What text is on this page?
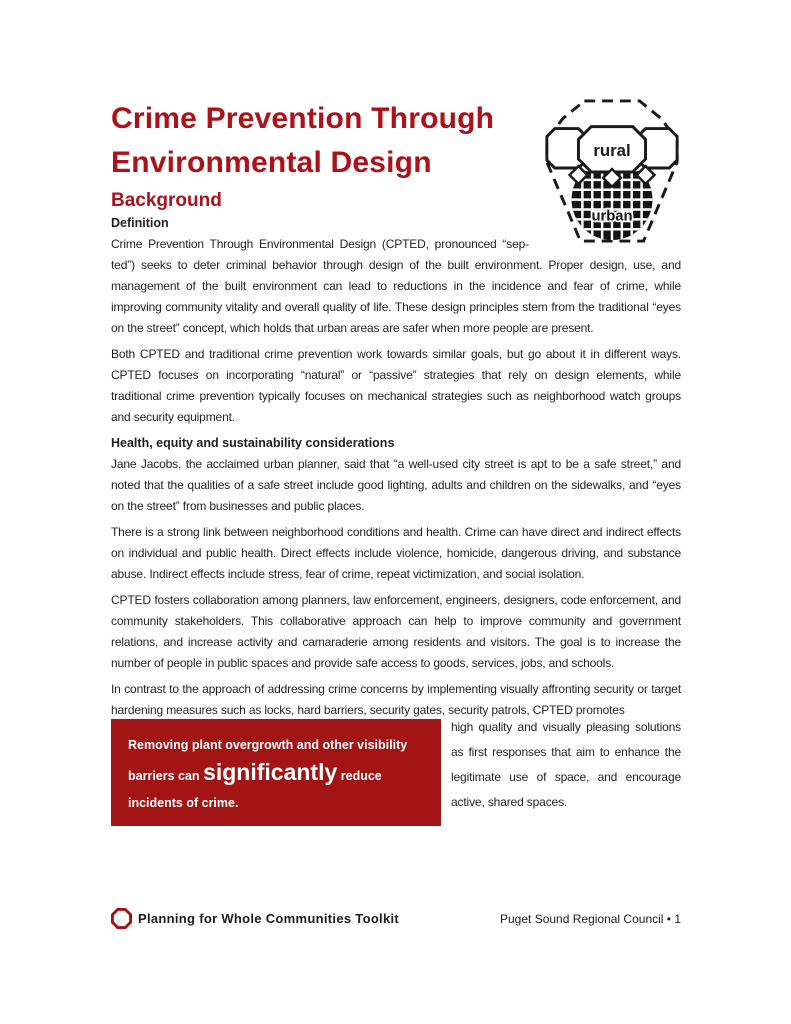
rural
urban
Crime Prevention Through Environmental Design
Background
Definition

Crime Prevention Through Environmental Design (CPTED, pronounced “sep-ted”) seeks to deter criminal behavior through design of the built environment. Proper design, use, and management of the built environment can lead to reductions in the incidence and fear of crime, while improving community vitality and overall quality of life. These design principles stem from the traditional “eyes on the street” concept, which holds that urban areas are safer when more people are present.

Both CPTED and traditional crime prevention work towards similar goals, but go about it in different ways. CPTED focuses on incorporating “natural” or “passive” strategies that rely on design elements, while traditional crime prevention typically focuses on mechanical strategies such as neighborhood watch groups and security equipment.

Health, equity and sustainability considerations

Jane Jacobs, the acclaimed urban planner, said that “a well-used city street is apt to be a safe street,” and noted that the qualities of a safe street include good lighting, adults and children on the sidewalks, and “eyes on the street” from businesses and public places.

There is a strong link between neighborhood conditions and health. Crime can have direct and indirect effects on individual and public health. Direct effects include violence, homicide, dangerous driving, and substance abuse. Indirect effects include stress, fear of crime, repeat victimization, and social isolation.

CPTED fosters collaboration among planners, law enforcement, engineers, designers, code enforcement, and community stakeholders. This collaborative approach can help to improve community and government relations, and increase activity and camaraderie among residents and visitors. The goal is to increase the number of people in public spaces and provide safe access to goods, services, jobs, and schools.

In contrast to the approach of addressing crime concerns by implementing visually affronting security or target hardening measures such as locks, hard barriers, security gates, security patrols, CPTED promotes

Removing plant overgrowth and other visibility barriers can significantly reduce incidents of crime.
high quality and visually pleasing solutions as first responses that aim to enhance the legitimate use of space, and encourage active, shared spaces.
Planning for Whole Communities Toolkit	Puget Sound Regional Council • 1
